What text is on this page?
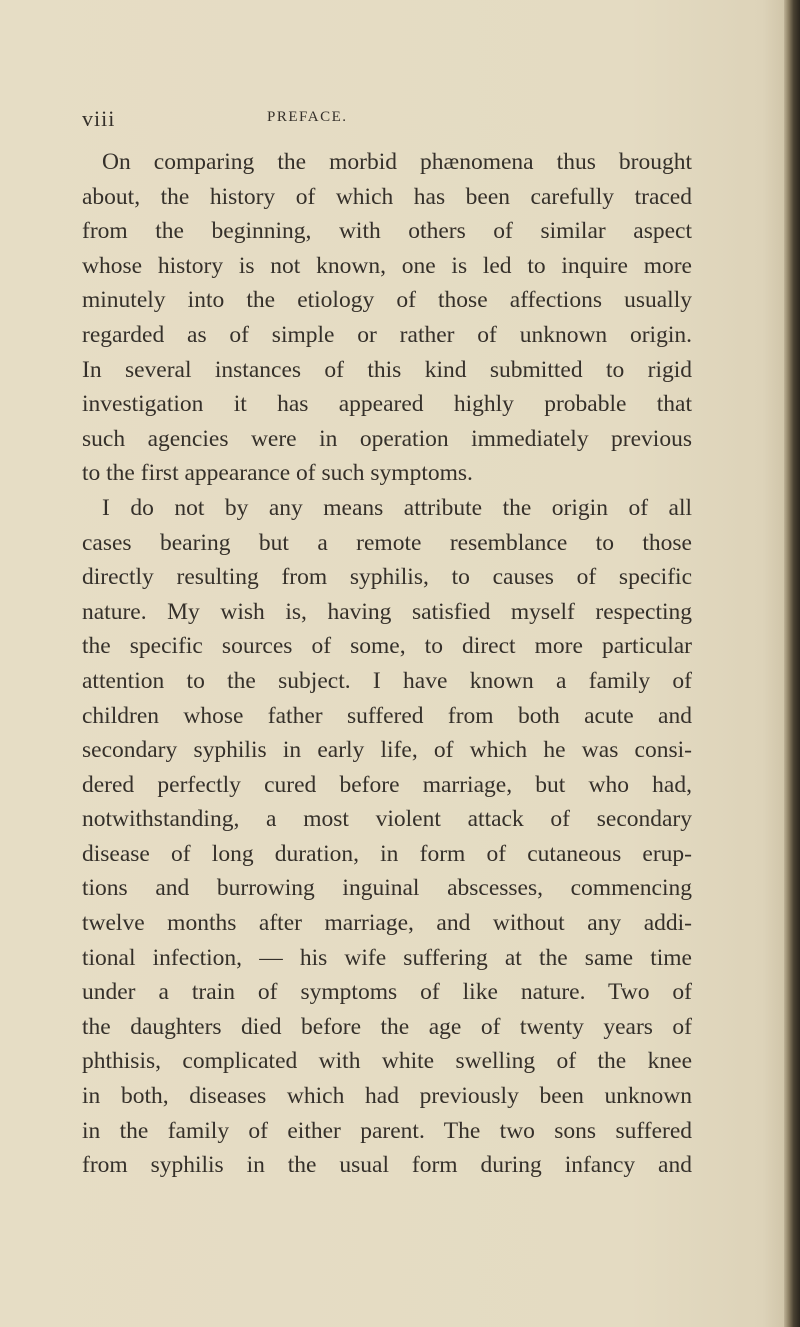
viii	PREFACE.
On comparing the morbid phænomena thus brought
about, the history of which has been carefully traced
from the beginning, with others of similar aspect
whose history is not known, one is led to inquire more
minutely into the etiology of those affections usually
regarded as of simple or rather of unknown origin.
In several instances of this kind submitted to rigid
investigation it has appeared highly probable that
such agencies were in operation immediately previous
to the first appearance of such symptoms.
I do not by any means attribute the origin of all
cases bearing but a remote resemblance to those
directly resulting from syphilis, to causes of specific
nature. My wish is, having satisfied myself respecting
the specific sources of some, to direct more particular
attention to the subject. I have known a family of
children whose father suffered from both acute and
secondary syphilis in early life, of which he was consi-
dered perfectly cured before marriage, but who had,
notwithstanding, a most violent attack of secondary
disease of long duration, in form of cutaneous erup-
tions and burrowing inguinal abscesses, commencing
twelve months after marriage, and without any addi-
tional infection, — his wife suffering at the same time
under a train of symptoms of like nature. Two of
the daughters died before the age of twenty years of
phthisis, complicated with white swelling of the knee
in both, diseases which had previously been unknown
in the family of either parent. The two sons suffered
from syphilis in the usual form during infancy and
